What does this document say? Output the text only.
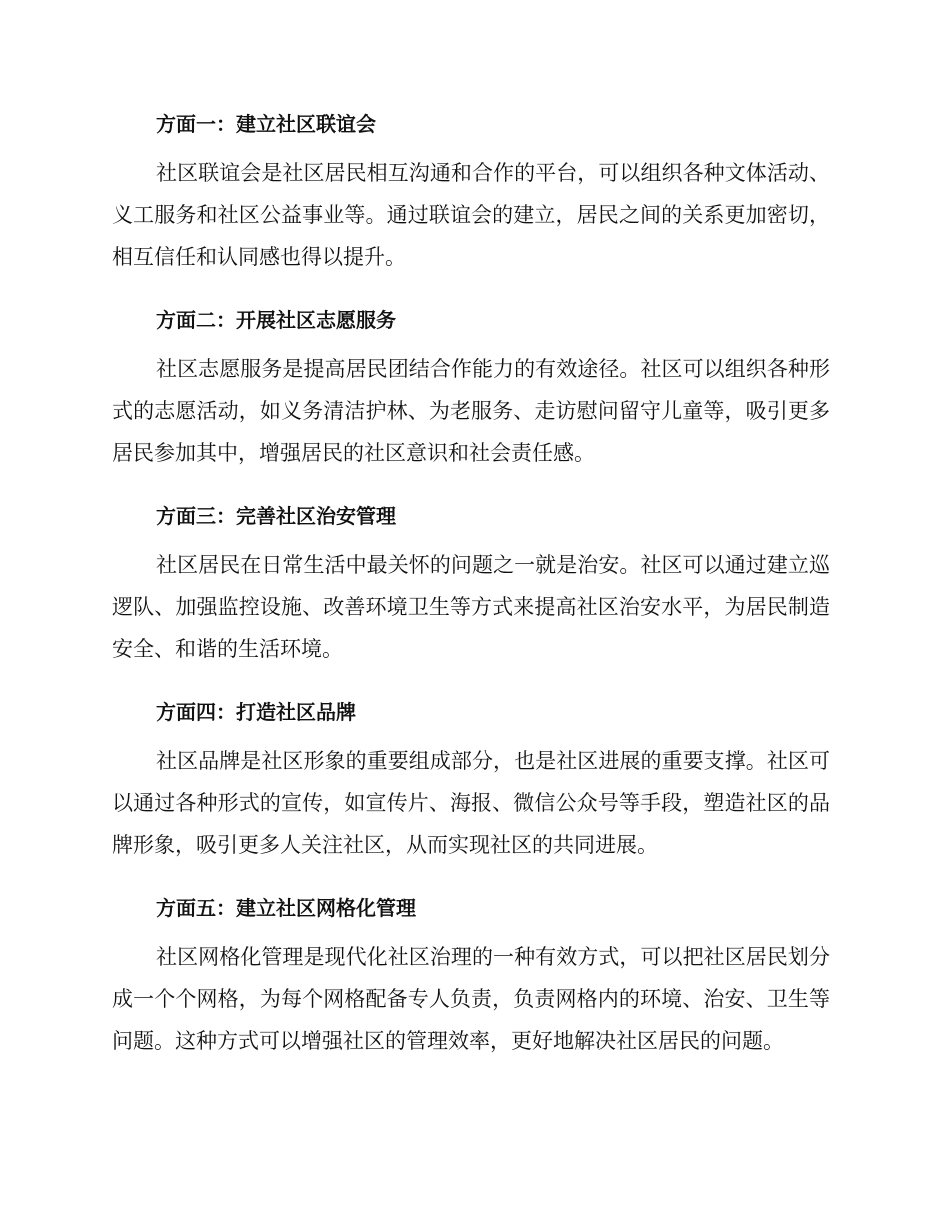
方面一：建立社区联谊会

社区联谊会是社区居民相互沟通和合作的平台，可以组织各种文体活动、义工服务和社区公益事业等。通过联谊会的建立，居民之间的关系更加密切，相互信任和认同感也得以提升。

方面二：开展社区志愿服务

社区志愿服务是提高居民团结合作能力的有效途径。社区可以组织各种形式的志愿活动，如义务清洁护林、为老服务、走访慰问留守儿童等，吸引更多居民参加其中，增强居民的社区意识和社会责任感。

方面三：完善社区治安管理

社区居民在日常生活中最关怀的问题之一就是治安。社区可以通过建立巡逻队、加强监控设施、改善环境卫生等方式来提高社区治安水平，为居民制造安全、和谐的生活环境。

方面四：打造社区品牌

社区品牌是社区形象的重要组成部分，也是社区进展的重要支撑。社区可以通过各种形式的宣传，如宣传片、海报、微信公众号等手段，塑造社区的品牌形象，吸引更多人关注社区，从而实现社区的共同进展。

方面五：建立社区网格化管理

社区网格化管理是现代化社区治理的一种有效方式，可以把社区居民划分成一个个网格，为每个网格配备专人负责，负责网格内的环境、治安、卫生等问题。这种方式可以增强社区的管理效率，更好地解决社区居民的问题。
